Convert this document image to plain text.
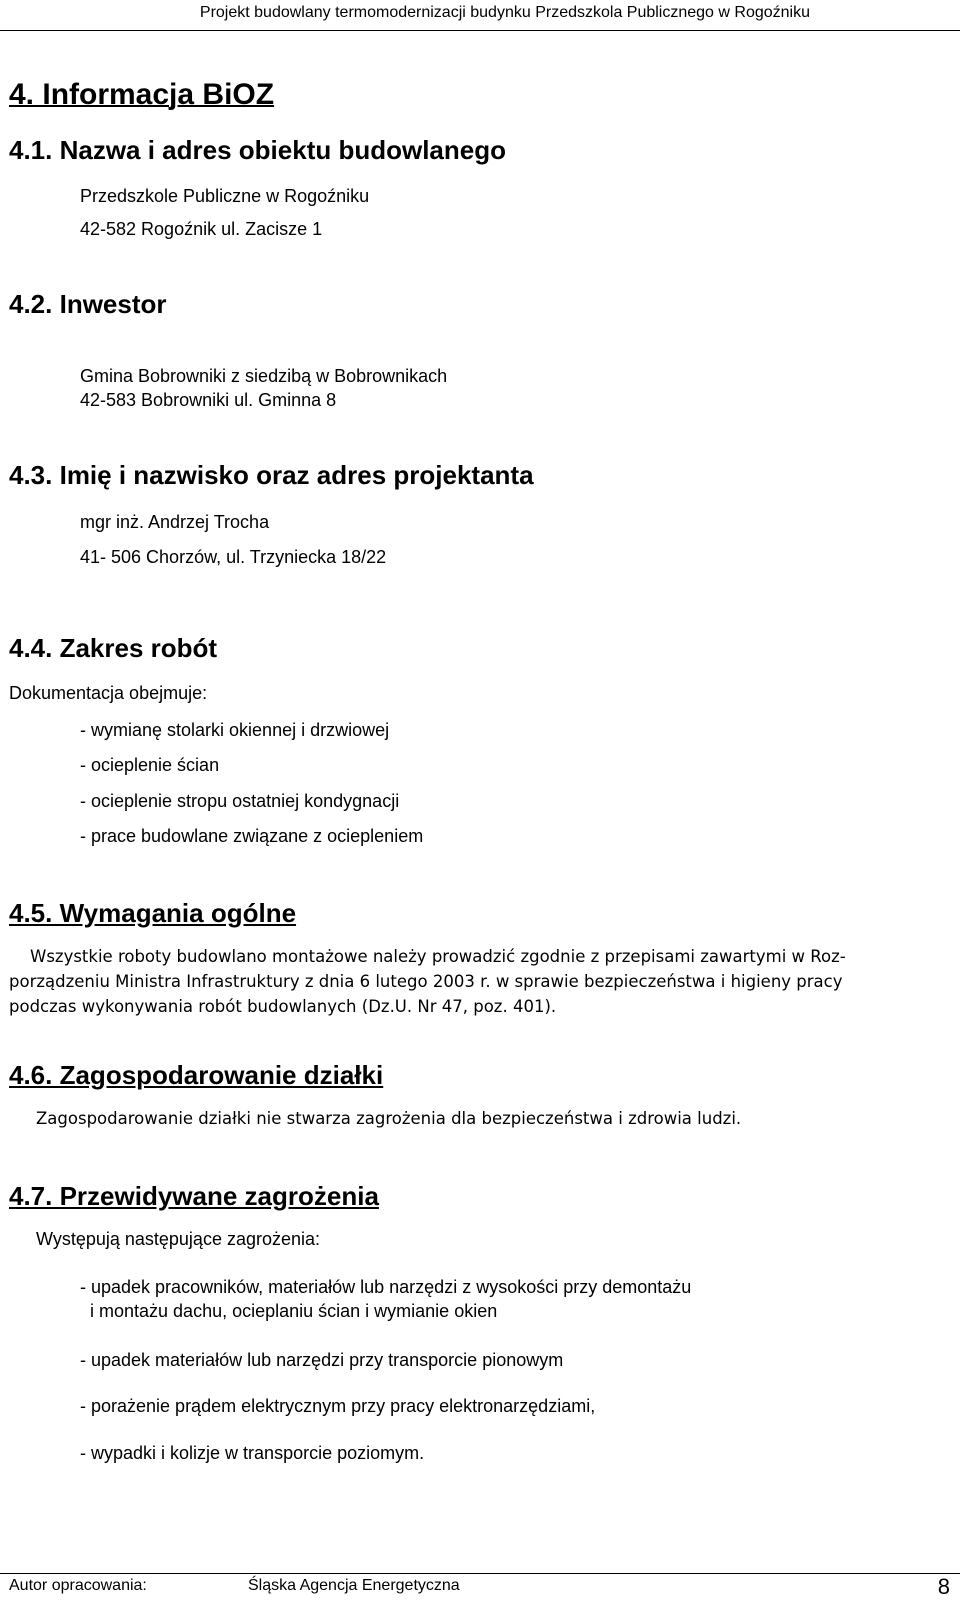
Projekt budowlany termomodernizacji budynku Przedszkola Publicznego w Rogoźniku
4. Informacja BiOZ
4.1. Nazwa i adres obiektu budowlanego
Przedszkole Publiczne w Rogoźniku
42-582 Rogoźnik ul. Zacisze 1
4.2. Inwestor
Gmina Bobrowniki z siedzibą w Bobrownikach
42-583 Bobrowniki ul. Gminna 8
4.3. Imię i nazwisko oraz adres projektanta
mgr inż. Andrzej Trocha
41- 506 Chorzów, ul. Trzyniecka 18/22
4.4. Zakres robót
Dokumentacja obejmuje:
- wymianę stolarki okiennej i drzwiowej
- ocieplenie ścian
- ocieplenie stropu ostatniej kondygnacji
- prace budowlane związane z ociepleniem
4.5. Wymagania ogólne
Wszystkie roboty budowlano montażowe należy prowadzić zgodnie z przepisami zawartymi w Roz-
porządzeniu Ministra Infrastruktury z dnia 6 lutego 2003 r. w sprawie bezpieczeństwa i higieny pracy
podczas wykonywania robót budowlanych (Dz.U. Nr 47, poz. 401).
4.6. Zagospodarowanie działki
Zagospodarowanie działki nie stwarza zagrożenia dla bezpieczeństwa i zdrowia ludzi.
4.7. Przewidywane zagrożenia
Występują następujące zagrożenia:
- upadek pracowników, materiałów lub narzędzi z wysokości przy demontażu
i montażu dachu, ocieplaniu ścian i wymianie okien
- upadek materiałów lub narzędzi przy transporcie pionowym
- porażenie prądem elektrycznym przy pracy elektronarzędziami,
- wypadki i kolizje w transporcie poziomym.
Autor opracowania:	Śląska Agencja Energetyczna	8
